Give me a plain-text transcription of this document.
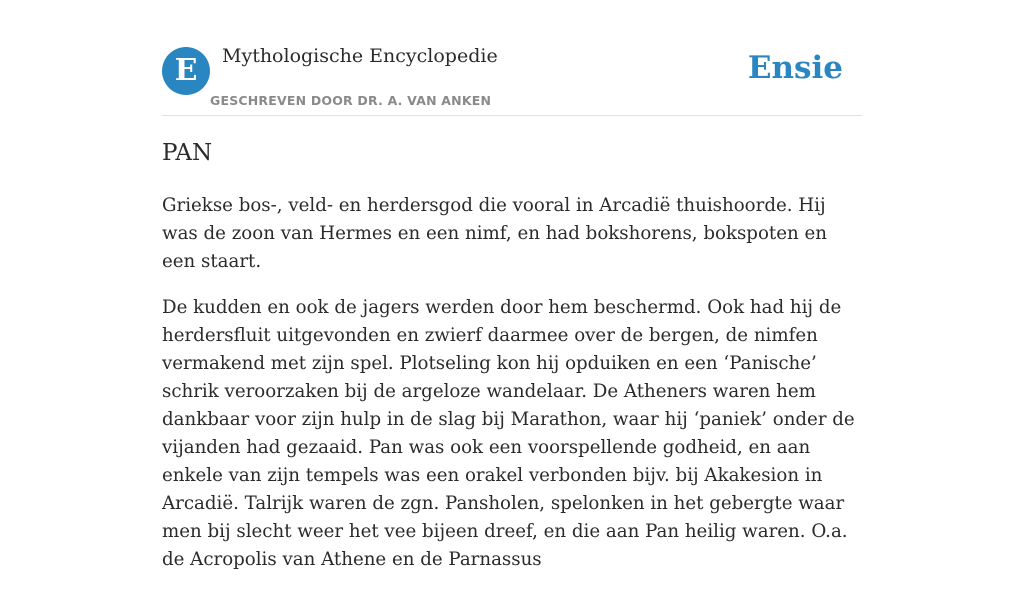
E	Mythologische Encyclopedie
GESCHREVEN DOOR DR. A. VAN ANKEN
Ensie
PAN

Griekse bos-, veld- en herdersgod die vooral in Arcadië thuishoorde. Hij was de zoon van Hermes en een nimf, en had bokshorens, bokspoten en een staart.

De kudden en ook de jagers werden door hem beschermd. Ook had hij de herdersfluit uitgevonden en zwierf daarmee over de bergen, de nimfen vermakend met zijn spel. Plotseling kon hij opduiken en een ‘Panische’ schrik veroorzaken bij de argeloze wandelaar. De Atheners waren hem dankbaar voor zijn hulp in de slag bij Marathon, waar hij ‘paniek’ onder de vijanden had gezaaid. Pan was ook een voorspellende godheid, en aan enkele van zijn tempels was een orakel verbonden bijv. bij Akakesion in Arcadië. Talrijk waren de zgn. Pansholen, spelonken in het gebergte waar men bij slecht weer het vee bijeen dreef, en die aan Pan heilig waren. O.a. de Acropolis van Athene en de Parnassus
